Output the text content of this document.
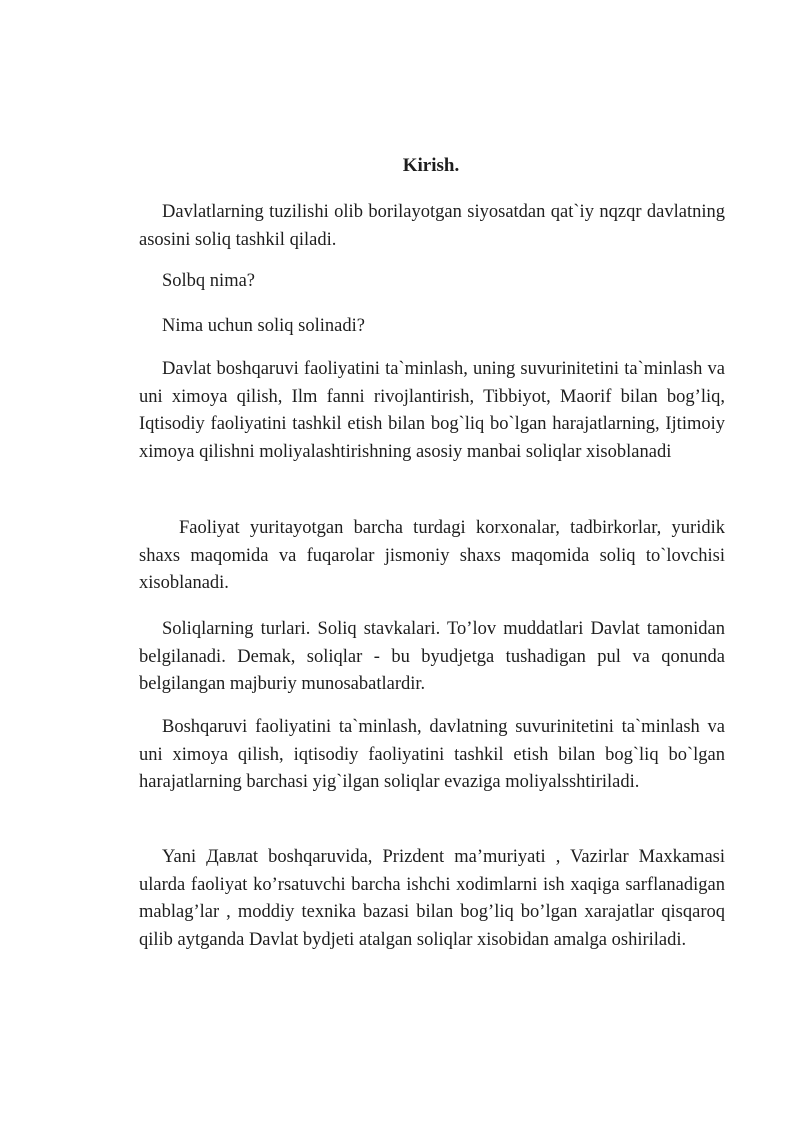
Kirish.

Davlatlarning tuzilishi olib borilayotgan siyosatdan qat`iy nqzqr davlatning asosini soliq tashkil qiladi.

Solbq nima?

Nima uchun soliq solinadi?

Davlat boshqaruvi faoliyatini ta`minlash, uning suvurinitetini ta`minlash va uni ximoya qilish, Ilm fanni rivojlantirish, Tibbiyot, Maorif bilan bog’liq, Iqtisodiy faoliyatini tashkil etish bilan bog`liq bo`lgan harajatlarning, Ijtimoiy ximoya qilishni moliyalashtirishning asosiy manbai soliqlar xisoblanadi

Faoliyat yuritayotgan barcha turdagi korxonalar, tadbirkorlar, yuridik shaxs maqomida va fuqarolar jismoniy shaxs maqomida soliq to`lovchisi xisoblanadi.

Soliqlarning turlari. Soliq stavkalari. To’lov muddatlari Davlat tamonidan belgilanadi. Demak, soliqlar - bu byudjetga tushadigan pul va qonunda belgilangan majburiy munosabatlardir.

Boshqaruvi faoliyatini ta`minlash, davlatning suvurinitetini ta`minlash va uni ximoya qilish, iqtisodiy faoliyatini tashkil etish bilan bog`liq bo`lgan harajatlarning barchasi yig`ilgan soliqlar evaziga moliyalsshtiriladi.

Yani Давлat boshqaruvida, Prizdent ma’muriyati , Vazirlar Maxkamasi ularda faoliyat ko’rsatuvchi barcha ishchi xodimlarni ish xaqiga sarflanadigan mablag’lar , moddiy texnika bazasi bilan bog’liq bo’lgan xarajatlar qisqaroq qilib aytganda Davlat bydjeti atalgan soliqlar xisobidan amalga oshiriladi.
